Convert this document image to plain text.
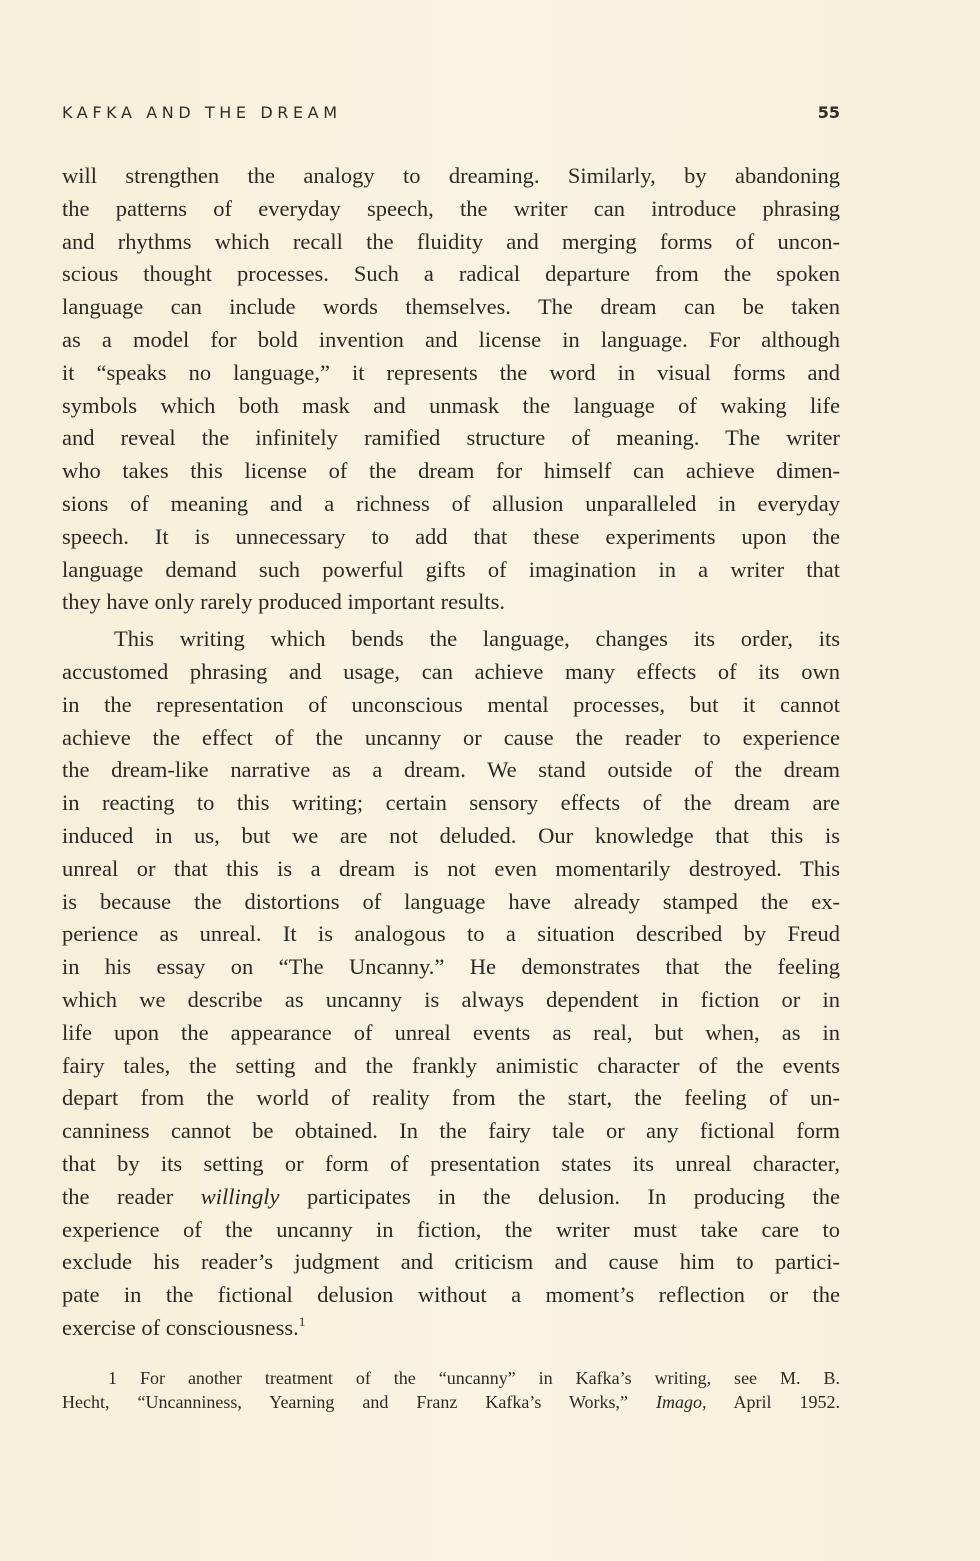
KAFKA AND THE DREAM	55
will strengthen the analogy to dreaming. Similarly, by abandoning
the patterns of everyday speech, the writer can introduce phrasing
and rhythms which recall the fluidity and merging forms of uncon-
scious thought processes. Such a radical departure from the spoken
language can include words themselves. The dream can be taken
as a model for bold invention and license in language. For although
it “speaks no language,” it represents the word in visual forms and
symbols which both mask and unmask the language of waking life
and reveal the infinitely ramified structure of meaning. The writer
who takes this license of the dream for himself can achieve dimen-
sions of meaning and a richness of allusion unparalleled in everyday
speech. It is unnecessary to add that these experiments upon the
language demand such powerful gifts of imagination in a writer that
they have only rarely produced important results.
This writing which bends the language, changes its order, its
accustomed phrasing and usage, can achieve many effects of its own
in the representation of unconscious mental processes, but it cannot
achieve the effect of the uncanny or cause the reader to experience
the dream-like narrative as a dream. We stand outside of the dream
in reacting to this writing; certain sensory effects of the dream are
induced in us, but we are not deluded. Our knowledge that this is
unreal or that this is a dream is not even momentarily destroyed. This
is because the distortions of language have already stamped the ex-
perience as unreal. It is analogous to a situation described by Freud
in his essay on “The Uncanny.” He demonstrates that the feeling
which we describe as uncanny is always dependent in fiction or in
life upon the appearance of unreal events as real, but when, as in
fairy tales, the setting and the frankly animistic character of the events
depart from the world of reality from the start, the feeling of un-
canniness cannot be obtained. In the fairy tale or any fictional form
that by its setting or form of presentation states its unreal character,
the reader willingly participates in the delusion. In producing the
experience of the uncanny in fiction, the writer must take care to
exclude his reader’s judgment and criticism and cause him to partici-
pate in the fictional delusion without a moment’s reflection or the
exercise of consciousness.$^1$
1 For another treatment of the “uncanny” in Kafka’s writing, see M. B.
Hecht, “Uncanniness, Yearning and Franz Kafka’s Works,” Imago, April 1952.
